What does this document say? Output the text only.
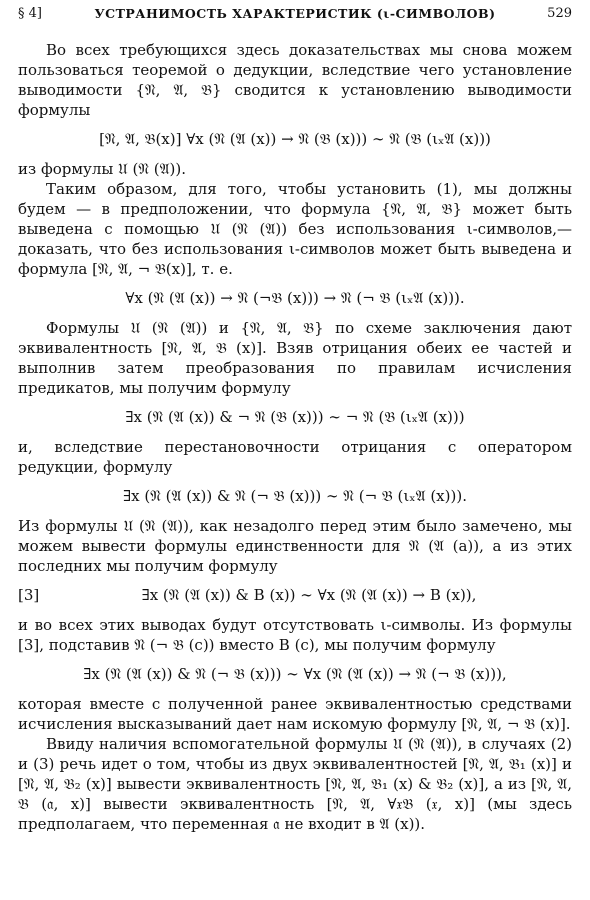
§ 4]	УСТРАНИМОСТЬ ХАРАКТЕРИСТИК (ι-СИМВОЛОВ)	529

Во всех требующихся здесь доказательствах мы снова можем пользоваться теоремой о дедукции, вследствие чего установление выводимости {𝔑, 𝔄, 𝔅} сводится к установлению выводимости формулы

[𝔑, 𝔄, 𝔅(x)] ∀x (𝔑 (𝔄 (x)) → 𝔑 (𝔅 (x))) ∼ 𝔑 (𝔅 (ιₓ𝔄 (x)))

из формулы 𝔘 (𝔑 (𝔄)).

Таким образом, для того, чтобы установить (1), мы должны будем — в предположении, что формула {𝔑, 𝔄, 𝔅} может быть выведена с помощью 𝔘 (𝔑 (𝔄)) без использования ι-символов,— доказать, что без использования ι-символов может быть выведена и формула [𝔑, 𝔄, ¬ 𝔅(x)], т. е.

∀x (𝔑 (𝔄 (x)) → 𝔑 (¬𝔅 (x))) → 𝔑 (¬ 𝔅 (ιₓ𝔄 (x))).

Формулы 𝔘 (𝔑 (𝔄)) и {𝔑, 𝔄, 𝔅} по схеме заключения дают эквивалентность [𝔑, 𝔄, 𝔅 (x)]. Взяв отрицания обеих ее частей и выполнив затем преобразования по правилам исчисления предикатов, мы получим формулу

∃x (𝔑 (𝔄 (x)) & ¬ 𝔑 (𝔅 (x))) ∼ ¬ 𝔑 (𝔅 (ιₓ𝔄 (x)))

и, вследствие перестановочности отрицания с оператором редукции, формулу

∃x (𝔑 (𝔄 (x)) & 𝔑 (¬ 𝔅 (x))) ∼ 𝔑 (¬ 𝔅 (ιₓ𝔄 (x))).

Из формулы 𝔘 (𝔑 (𝔄)), как незадолго перед этим было замечено, мы можем вывести формулы единственности для 𝔑 (𝔄 (a)), а из этих последних мы получим формулу

[3]	∃x (𝔑 (𝔄 (x)) & B (x)) ∼ ∀x (𝔑 (𝔄 (x)) → B (x)),

и во всех этих выводах будут отсутствовать ι-символы. Из формулы [3], подставив 𝔑 (¬ 𝔅 (c)) вместо B (c), мы получим формулу

∃x (𝔑 (𝔄 (x)) & 𝔑 (¬ 𝔅 (x))) ∼ ∀x (𝔑 (𝔄 (x)) → 𝔑 (¬ 𝔅 (x))),

которая вместе с полученной ранее эквивалентностью средствами исчисления высказываний дает нам искомую формулу [𝔑, 𝔄, ¬ 𝔅 (x)].

Ввиду наличия вспомогательной формулы 𝔘 (𝔑 (𝔄)), в случаях (2) и (3) речь идет о том, чтобы из двух эквивалентностей [𝔑, 𝔄, 𝔅₁ (x)] и [𝔑, 𝔄, 𝔅₂ (x)] вывести эквивалентность [𝔑, 𝔄, 𝔅₁ (x) & 𝔅₂ (x)], а из [𝔑, 𝔄, 𝔅 (𝔞, x)] вывести эквивалентность [𝔑, 𝔄, ∀𝔵𝔅 (𝔵, x)] (мы здесь предполагаем, что переменная 𝔞 не входит в 𝔄 (x)).
